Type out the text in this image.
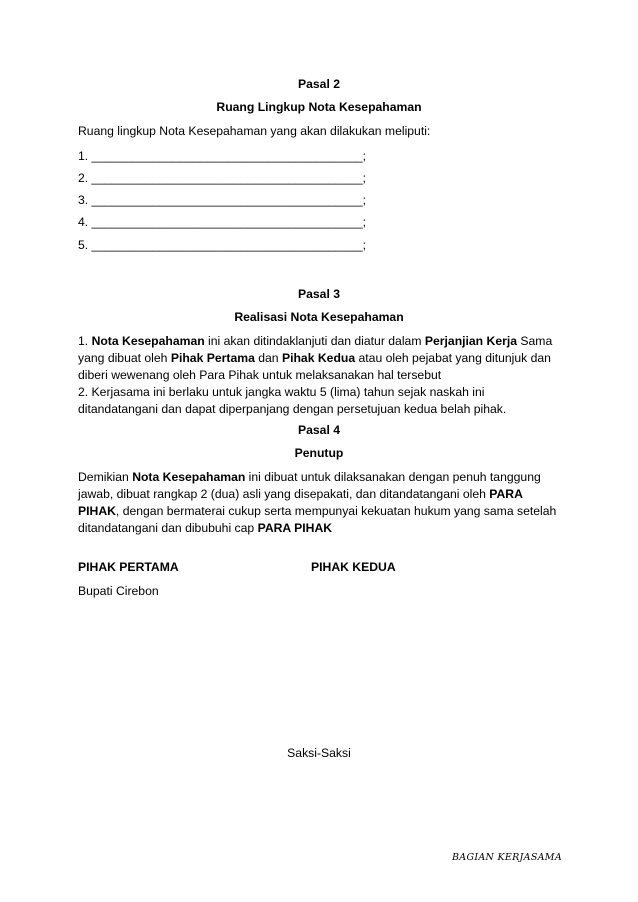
Pasal 2
Ruang Lingkup Nota Kesepahaman
Ruang lingkup Nota Kesepahaman yang akan dilakukan meliputi:
1. ________________________________________;
2. ________________________________________;
3. ________________________________________;
4. ________________________________________;
5. ________________________________________;
Pasal 3
Realisasi Nota Kesepahaman
1. Nota Kesepahaman ini akan ditindaklanjuti dan diatur dalam Perjanjian Kerja Sama yang dibuat oleh Pihak Pertama dan Pihak Kedua atau oleh pejabat yang ditunjuk dan diberi wewenang oleh Para Pihak untuk melaksanakan hal tersebut
2. Kerjasama ini berlaku untuk jangka waktu 5 (lima) tahun sejak naskah ini ditandatangani dan dapat diperpanjang dengan persetujuan kedua belah pihak.
Pasal 4
Penutup
Demikian Nota Kesepahaman ini dibuat untuk dilaksanakan dengan penuh tanggung jawab, dibuat rangkap 2 (dua) asli yang disepakati, dan ditandatangani oleh PARA PIHAK, dengan bermaterai cukup serta mempunyai kekuatan hukum yang sama setelah ditandatangani dan dibubuhi cap PARA PIHAK
PIHAK PERTAMA	PIHAK KEDUA
Bupati Cirebon
Saksi-Saksi
BAGIAN KERJASAMA
